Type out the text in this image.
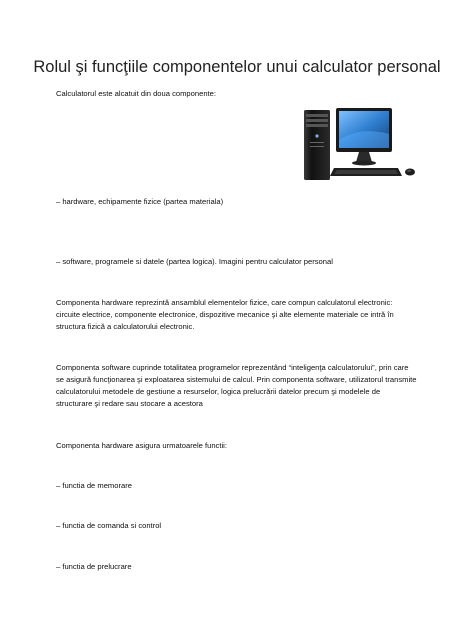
Rolul şi funcţiile componentelor unui calculator personal
Calculatorul este alcatuit din doua componente:
– hardware, echipamente fizice (partea materiala)
– software, programele si datele (partea logica). Imagini pentru calculator personal
Componenta hardware reprezintă ansamblul elementelor fizice, care compun calculatorul electronic: circuite electrice, componente electronice, dispozitive mecanice şi alte elemente materiale ce intră în structura fizică a calculatorului electronic.
Componenta software cuprinde totalitatea programelor reprezentând “inteligenţa calculatorului”, prin care se asigură funcţionarea şi exploatarea sistemului de calcul. Prin componenta software, utilizatorul transmite calculatorului metodele de gestiune a resurselor, logica prelucrării datelor precum şi modelele de structurare şi redare sau stocare a acestora
Componenta hardware asigura urmatoarele functii:
– functia de memorare
– functia de comanda si control
– functia de prelucrare
